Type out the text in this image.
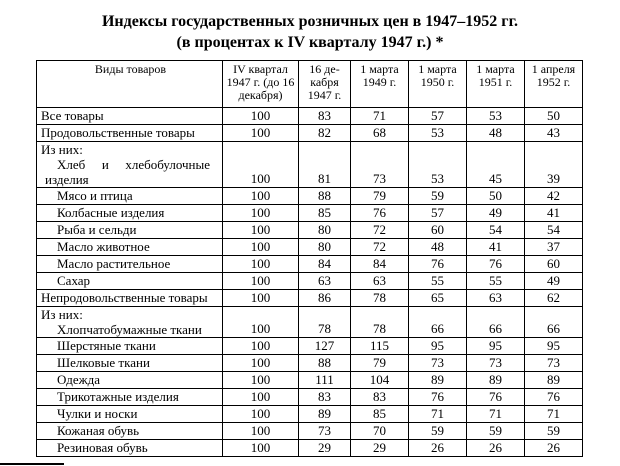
Индексы государственных розничных цен в 1947–1952 гг.
(в процентах к IV кварталу 1947 г.) *
Виды товаров	IV квартал 1947 г. (до 16 декабря)	16 де-кабря 1947 г.	1 марта 1949 г.	1 марта 1950 г.	1 марта 1951 г.	1 апреля 1952 г.
Все товары	100	83	71	57	53	50
Продовольственные товары	100	82	68	53	48	43

Из них:
Хлеб и хлебобулочные
изделия	100	81	73	53	45	39
Мясо и птица	100	88	79	59	50	42
Колбасные изделия	100	85	76	57	49	41
Рыба и сельди	100	80	72	60	54	54
Масло животное	100	80	72	48	41	37
Масло растительное	100	84	84	76	76	60
Сахар	100	63	63	55	55	49
Непродовольственные товары	100	86	78	65	63	62

Из них:
Хлопчатобумажные ткани	100	78	78	66	66	66
Шерстяные ткани	100	127	115	95	95	95
Шелковые ткани	100	88	79	73	73	73
Одежда	100	111	104	89	89	89
Трикотажные изделия	100	83	83	76	76	76
Чулки и носки	100	89	85	71	71	71
Кожаная обувь	100	73	70	59	59	59
Резиновая обувь	100	29	29	26	26	26
